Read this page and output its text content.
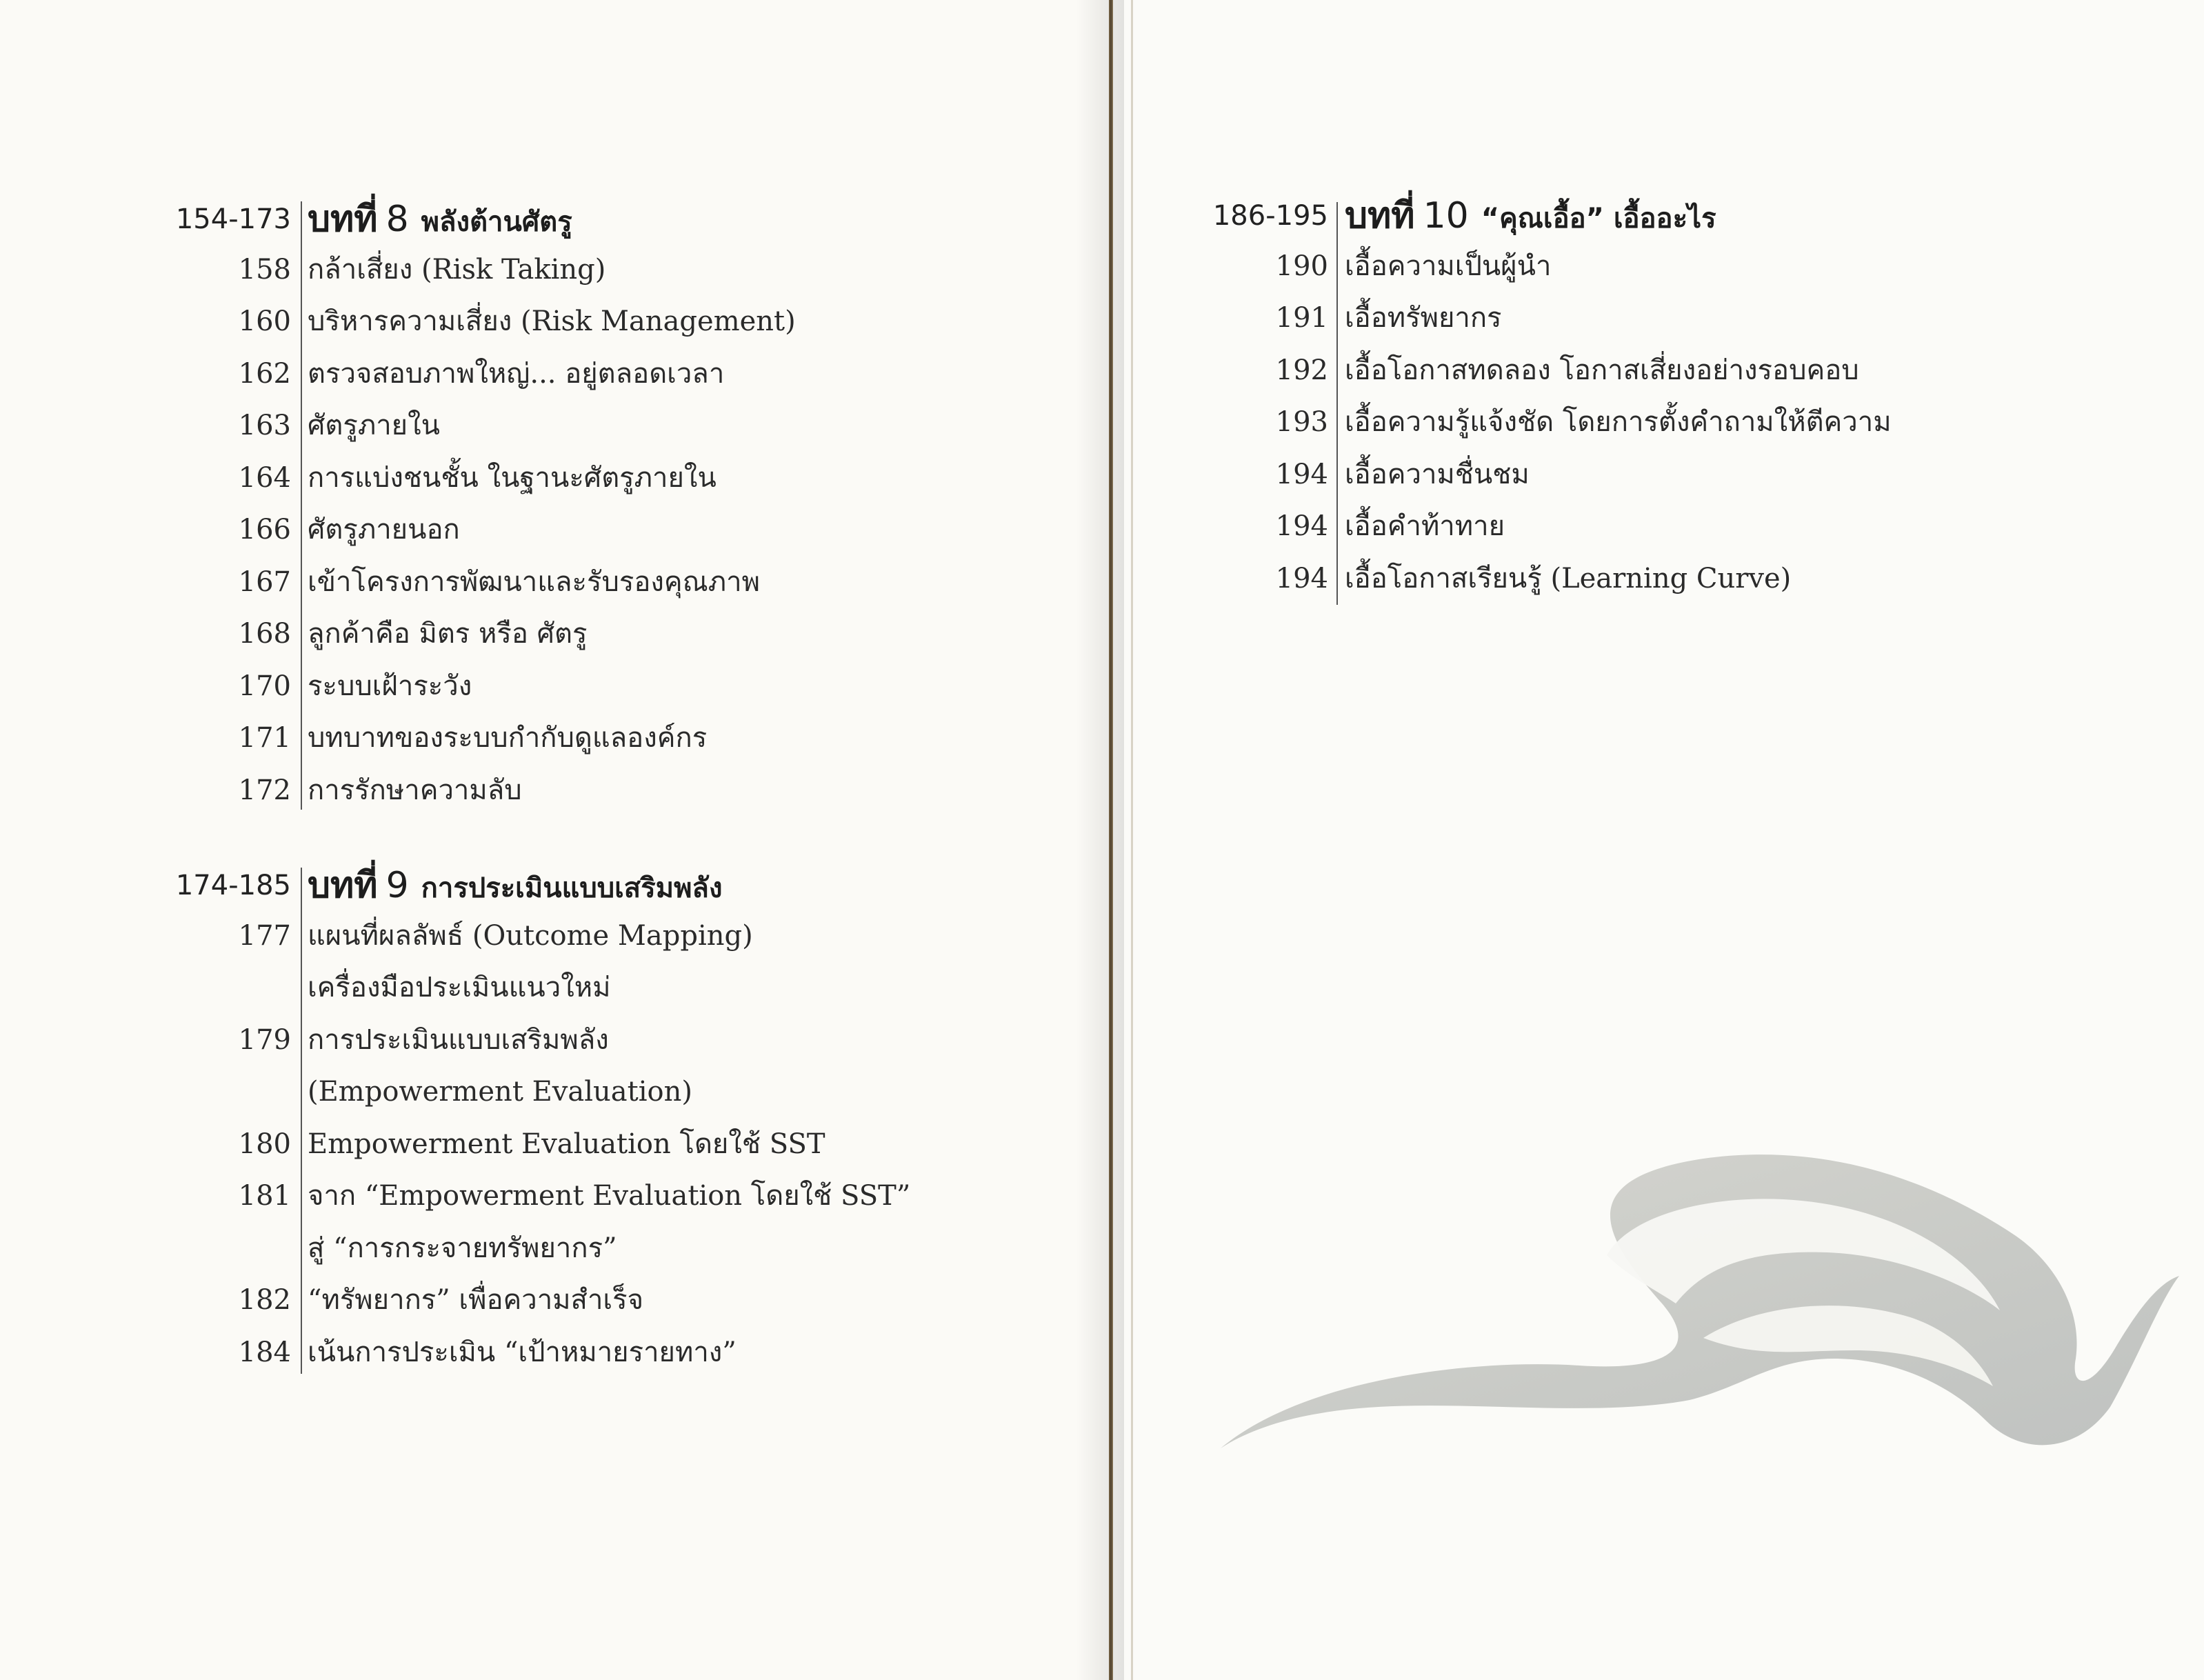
154-173 บทที่ 8 พลังต้านศัตรู
158 กล้าเสี่ยง (Risk Taking)
160 บริหารความเสี่ยง (Risk Management)
162 ตรวจสอบภาพใหญ่... อยู่ตลอดเวลา
163 ศัตรูภายใน
164 การแบ่งชนชั้น ในฐานะศัตรูภายใน
166 ศัตรูภายนอก
167 เข้าโครงการพัฒนาและรับรองคุณภาพ
168 ลูกค้าคือ มิตร หรือ ศัตรู
170 ระบบเฝ้าระวัง
171 บทบาทของระบบกำกับดูแลองค์กร
172 การรักษาความลับ
174-185 บทที่ 9 การประเมินแบบเสริมพลัง
177 แผนที่ผลลัพธ์ (Outcome Mapping)
เครื่องมือประเมินแนวใหม่
179 การประเมินแบบเสริมพลัง
(Empowerment Evaluation)
180 Empowerment Evaluation โดยใช้ SST
181 จาก “Empowerment Evaluation โดยใช้ SST”
สู่ “การกระจายทรัพยากร”
182 “ทรัพยากร” เพื่อความสำเร็จ
184 เน้นการประเมิน “เป้าหมายรายทาง”
186-195 บทที่ 10 “คุณเอื้อ” เอื้ออะไร
190 เอื้อความเป็นผู้นำ
191 เอื้อทรัพยากร
192 เอื้อโอกาสทดลอง โอกาสเสี่ยงอย่างรอบคอบ
193 เอื้อความรู้แจ้งชัด โดยการตั้งคำถามให้ตีความ
194 เอื้อความชื่นชม
194 เอื้อคำท้าทาย
194 เอื้อโอกาสเรียนรู้ (Learning Curve)
